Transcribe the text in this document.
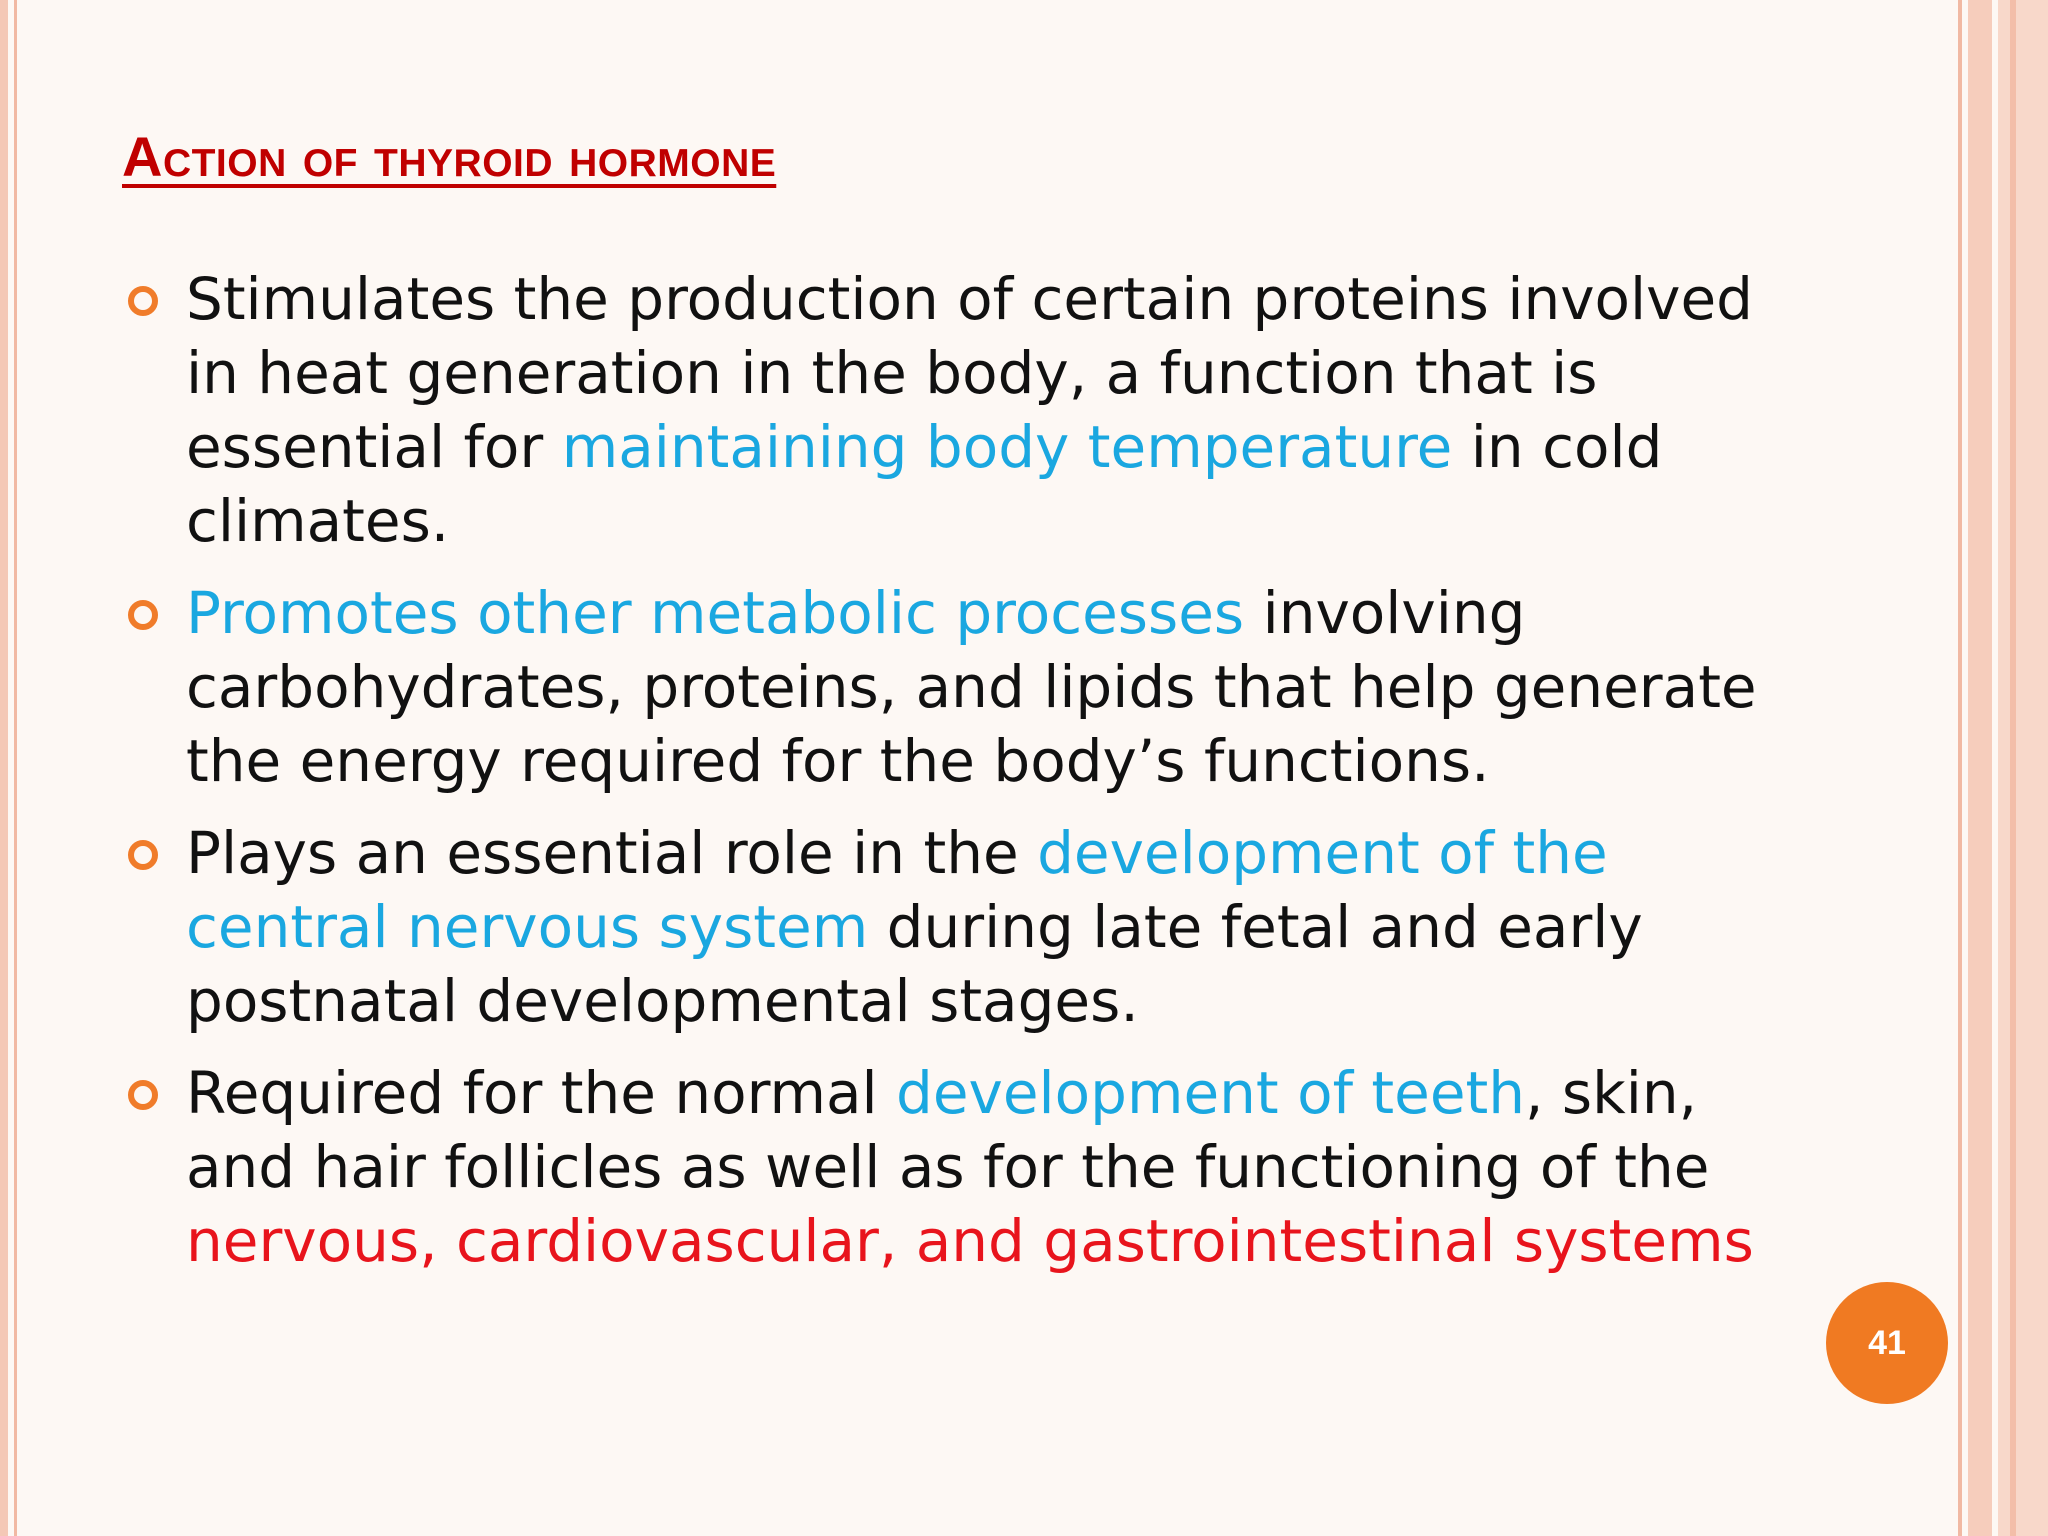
Action of thyroid hormone
Stimulates the production of certain proteins involved in heat generation in the body, a function that is essential for maintaining body temperature in cold climates.
Promotes other metabolic processes involving carbohydrates, proteins, and lipids that help generate the energy required for the body’s functions.
Plays an essential role in the development of the central nervous system during late fetal and early postnatal developmental stages.
Required for the normal development of teeth, skin, and hair follicles as well as for the functioning of the nervous, cardiovascular, and gastrointestinal systems
41
